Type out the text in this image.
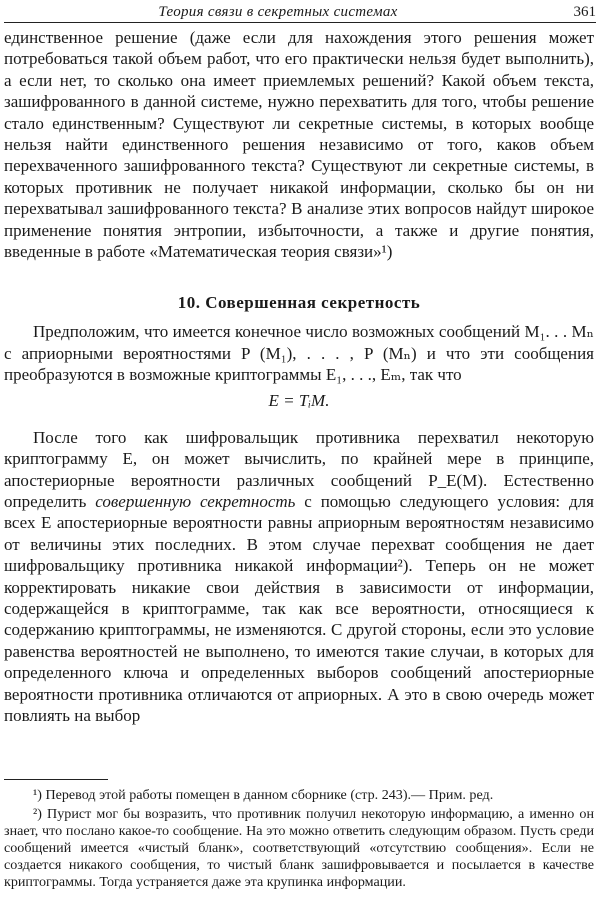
Теория связи в секретных системах	361

единственное решение (даже если для нахождения этого решения может потребоваться такой объем работ, что его практически нельзя будет выполнить), а если нет, то сколько она имеет приемлемых решений? Какой объем текста, зашифрованного в данной системе, нужно перехватить для того, чтобы решение стало единственным? Существуют ли секретные системы, в которых вообще нельзя найти единственного решения независимо от того, каков объем перехваченного зашифрованного текста? Существуют ли секретные системы, в которых противник не получает никакой информации, сколько бы он ни перехватывал зашифрованного текста? В анализе этих вопросов найдут широкое применение понятия энтропии, избыточности, а также и другие понятия, введенные в работе «Математическая теория связи»¹)

10. Совершенная секретность

Предположим, что имеется конечное число возможных сообщений M₁. . . Mₙ с априорными вероятностями P (M₁), . . . , P (Mₙ) и что эти сообщения преобразуются в возможные криптограммы E₁, . . ., Eₘ, так что

E = TᵢM.

После того как шифровальщик противника перехватил некоторую криптограмму E, он может вычислить, по крайней мере в принципе, апостериорные вероятности различных сообщений P_E(M). Естественно определить совершенную секретность с помощью следующего условия: для всех E апостериорные вероятности равны априорным вероятностям независимо от величины этих последних. В этом случае перехват сообщения не дает шифровальщику противника никакой информации²). Теперь он не может корректировать никакие свои действия в зависимости от информации, содержащейся в криптограмме, так как все вероятности, относящиеся к содержанию криптограммы, не изменяются. С другой стороны, если это условие равенства вероятностей не выполнено, то имеются такие случаи, в которых для определенного ключа и определенных выборов сообщений апостериорные вероятности противника отличаются от априорных. А это в свою очередь может повлиять на выбор

¹) Перевод этой работы помещен в данном сборнике (стр. 243).— Прим. ред.

²) Пурист мог бы возразить, что противник получил некоторую информацию, а именно он знает, что послано какое-то сообщение. На это можно ответить следующим образом. Пусть среди сообщений имеется «чистый бланк», соответствующий «отсутствию сообщения». Если не создается никакого сообщения, то чистый бланк зашифровывается и посылается в качестве криптограммы. Тогда устраняется даже эта крупинка информации.
